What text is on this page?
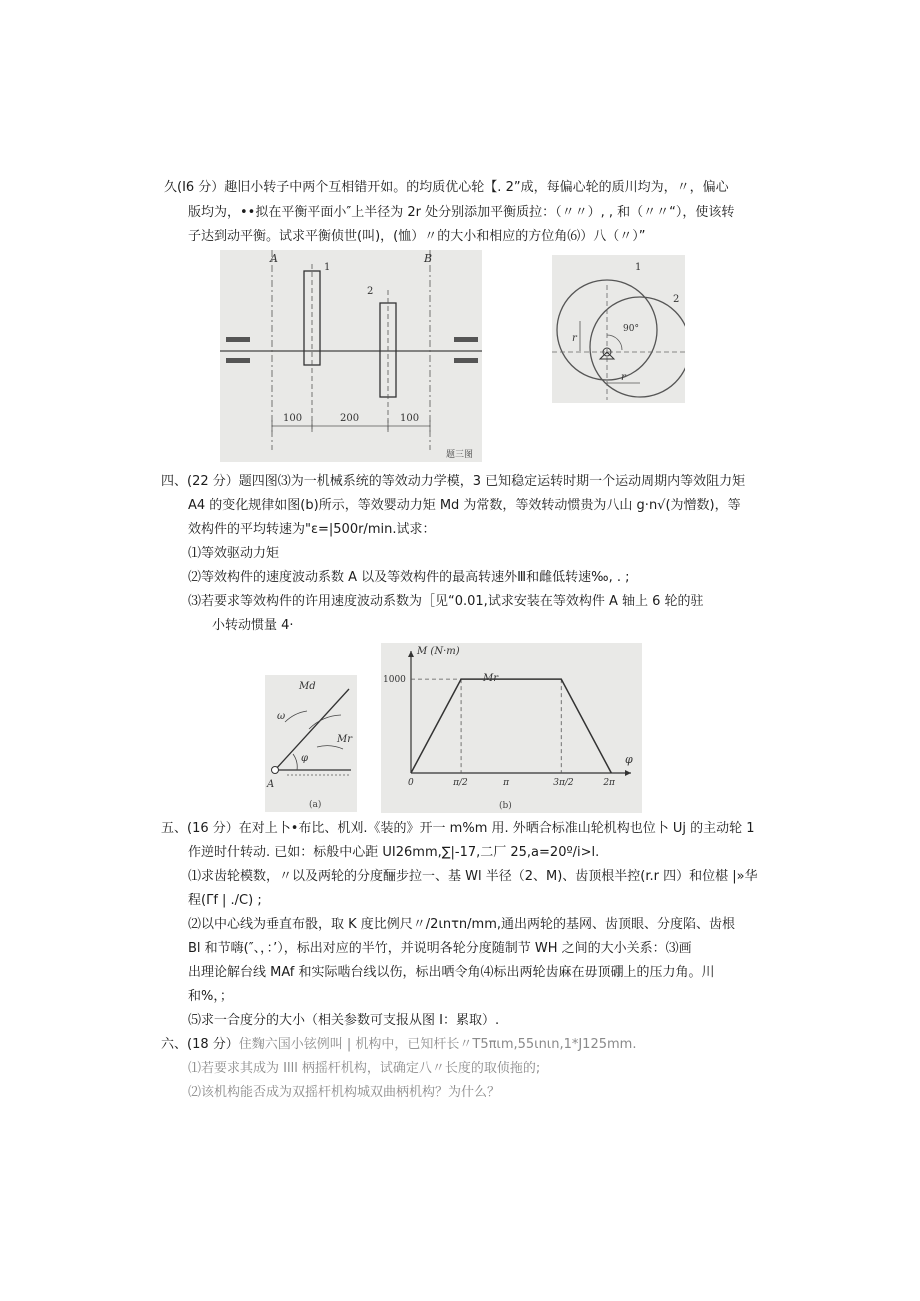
久(I6 分）趣旧小转子中两个互相错开如。的均质优心轮【. 2”成，每偏心轮的质川均为，〃，偏心
版均为，••拟在平衡平面小″上半径为 2r 处分别添加平衡质拉：（〃〃）, , 和（〃〃“），使该转
子达到动平衡。试求平衡侦世(叫)，(恤）〃的大小和相应的方位角⑹）八（〃）”
A	B
1
2
100	200	100
题三图
1
2
90°
r
r
四、(22 分）题四图⑶为一机械系统的等效动力学模，3 已知稳定运转时期一个运动周期内等效阻力矩
A4 的变化规律如图(b)所示，等效婴动力矩 Md 为常数，等效转动惯贵为八山 g·n√(为憎数)，等
效构件的平均转速为"ε=|500r/min.试求：
⑴等效驱动力矩
⑵等效构件的速度波动系数 A 以及等效构件的最高转速外Ⅲ和雌低转速‰, . ;
⑶若要求等效构件的许用速度波动系数为［见“0.01,试求安装在等效构件 A 轴上 6 轮的驻
小转动惯量 4·
Md
Mr
ω
φ
A
(a)
M (N·m)
φ
Mr
(b)
0	π/2	π	3π/2	2π
1000
五、(16 分）在对上卜•布比、机刈.《装的》开一 m%m 用. 外晒合标准山轮机构也位卜 Uj 的主动轮 1
作逆时什转动. 已如：标般中心距 UI26mm,∑|-17,二厂 25,a=20º/i>l.
⑴求齿轮模数，〃以及两轮的分度酾步拉一、基 Wl 半径（2、M)、齿顶根半控(r.r 四）和位椹 |»华
程(Γf | ./C) ;
⑵以中心线为垂直布骰，取 K 度比例尺〃/2ιnτn/mm,通出两轮的基网、齿顶眼、分度陷、齿根
Bl 和节嗨(″、，：’），标出对应的半竹，并说明各轮分度随制节 WH 之间的大小关系：⑶画
出理论解台线 MAf 和实际啮台线以伤，标出哂令角⑷标出两轮齿麻在毋顶硼上的压力角。川
和%，；
⑸求一合度分的大小（相关参数可支报从图 I：累取）.
六、(18 分）住麴六国小铉例叫 | 机构中，已知杆长〃T5πιm,55ιnιn,1*J125mm.
⑴若要求其成为 Illl 柄摇杆机构，试确定八〃长度的取侦拖的;
⑵该机构能否成为双摇杆机构城双曲柄机构？为什么？
